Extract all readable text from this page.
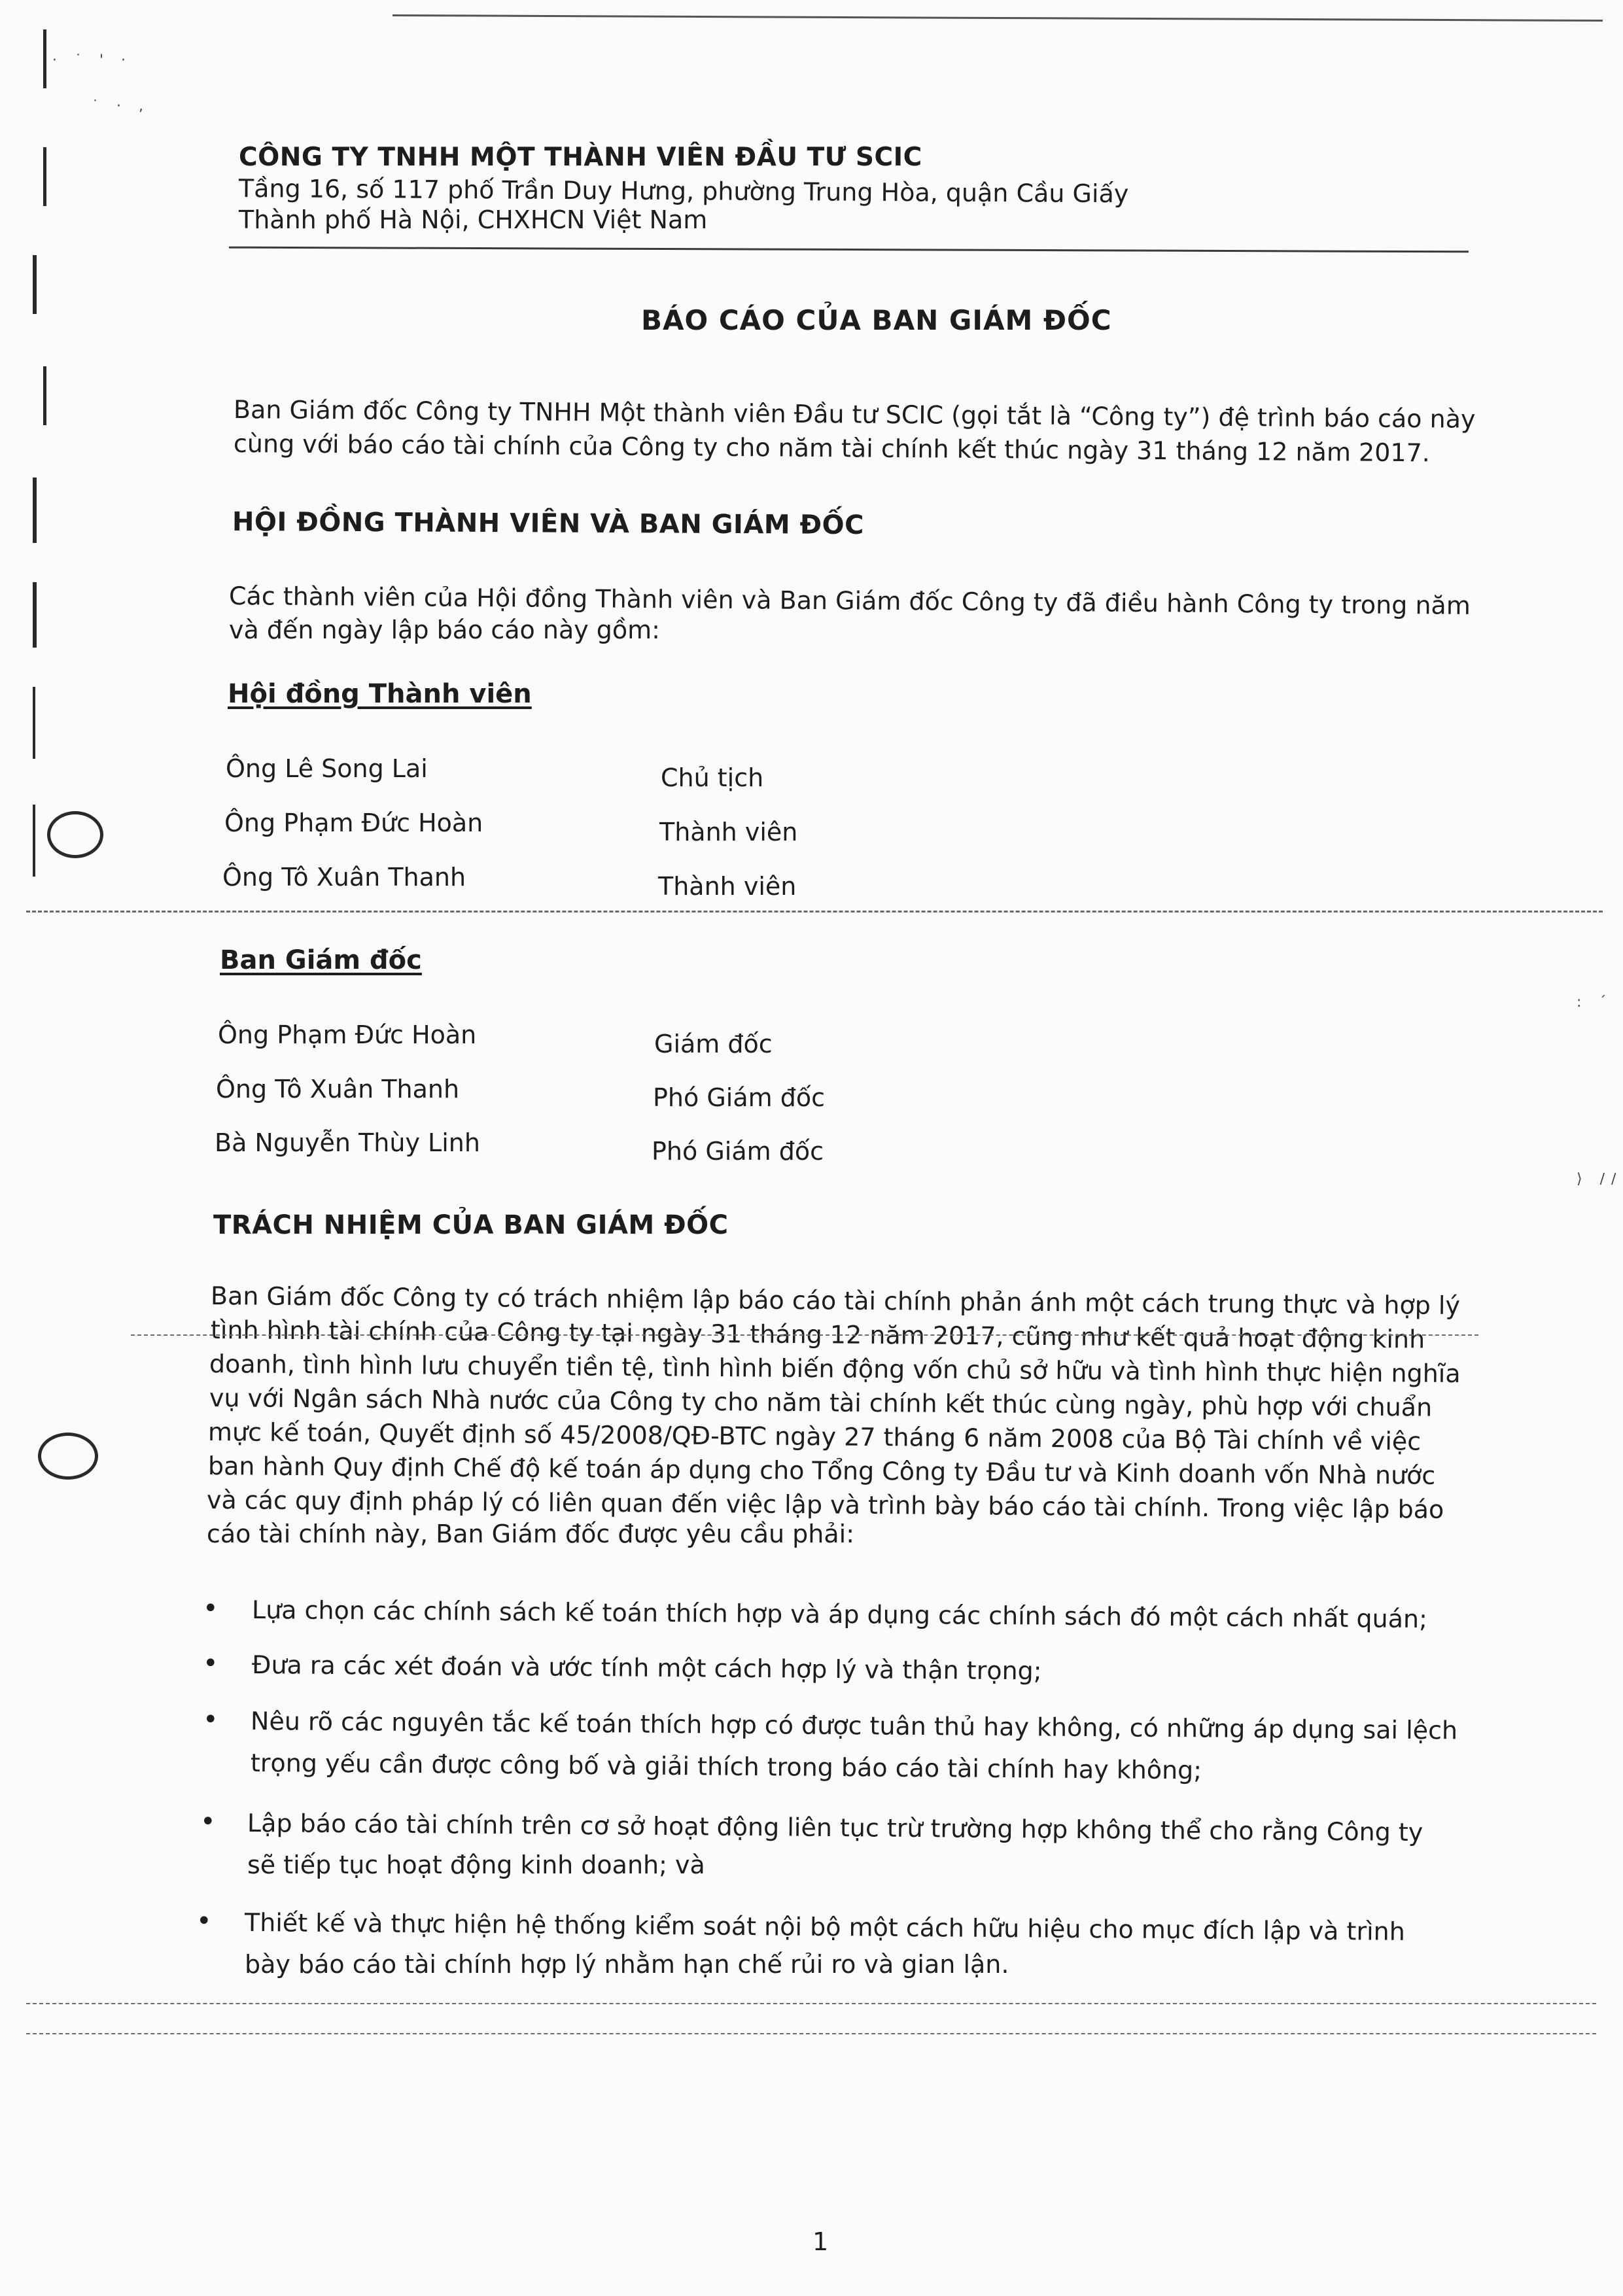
· ˙ ' ·
˙ · ,
: ´
⟩ ∕∕
CÔNG TY TNHH MỘT THÀNH VIÊN ĐẦU TƯ SCIC
Tầng 16, số 117 phố Trần Duy Hưng, phường Trung Hòa, quận Cầu Giấy
Thành phố Hà Nội, CHXHCN Việt Nam
BÁO CÁO CỦA BAN GIÁM ĐỐC
Ban Giám đốc Công ty TNHH Một thành viên Đầu tư SCIC (gọi tắt là “Công ty”) đệ trình báo cáo này
cùng với báo cáo tài chính của Công ty cho năm tài chính kết thúc ngày 31 tháng 12 năm 2017.
HỘI ĐỒNG THÀNH VIÊN VÀ BAN GIÁM ĐỐC
Các thành viên của Hội đồng Thành viên và Ban Giám đốc Công ty đã điều hành Công ty trong năm
và đến ngày lập báo cáo này gồm:
Hội đồng Thành viên
Ông Lê Song Lai	Chủ tịch
Ông Phạm Đức Hoàn	Thành viên
Ông Tô Xuân Thanh	Thành viên
Ban Giám đốc
Ông Phạm Đức Hoàn	Giám đốc
Ông Tô Xuân Thanh	Phó Giám đốc
Bà Nguyễn Thùy Linh	Phó Giám đốc
TRÁCH NHIỆM CỦA BAN GIÁM ĐỐC
Ban Giám đốc Công ty có trách nhiệm lập báo cáo tài chính phản ánh một cách trung thực và hợp lý
tình hình tài chính của Công ty tại ngày 31 tháng 12 năm 2017, cũng như kết quả hoạt động kinh
doanh, tình hình lưu chuyển tiền tệ, tình hình biến động vốn chủ sở hữu và tình hình thực hiện nghĩa
vụ với Ngân sách Nhà nước của Công ty cho năm tài chính kết thúc cùng ngày, phù hợp với chuẩn
mực kế toán, Quyết định số 45/2008/QĐ-BTC ngày 27 tháng 6 năm 2008 của Bộ Tài chính về việc
ban hành Quy định Chế độ kế toán áp dụng cho Tổng Công ty Đầu tư và Kinh doanh vốn Nhà nước
và các quy định pháp lý có liên quan đến việc lập và trình bày báo cáo tài chính. Trong việc lập báo
cáo tài chính này, Ban Giám đốc được yêu cầu phải:
• Lựa chọn các chính sách kế toán thích hợp và áp dụng các chính sách đó một cách nhất quán;
• Đưa ra các xét đoán và ước tính một cách hợp lý và thận trọng;
• Nêu rõ các nguyên tắc kế toán thích hợp có được tuân thủ hay không, có những áp dụng sai lệch
trọng yếu cần được công bố và giải thích trong báo cáo tài chính hay không;
• Lập báo cáo tài chính trên cơ sở hoạt động liên tục trừ trường hợp không thể cho rằng Công ty
sẽ tiếp tục hoạt động kinh doanh; và
• Thiết kế và thực hiện hệ thống kiểm soát nội bộ một cách hữu hiệu cho mục đích lập và trình
bày báo cáo tài chính hợp lý nhằm hạn chế rủi ro và gian lận.
1
